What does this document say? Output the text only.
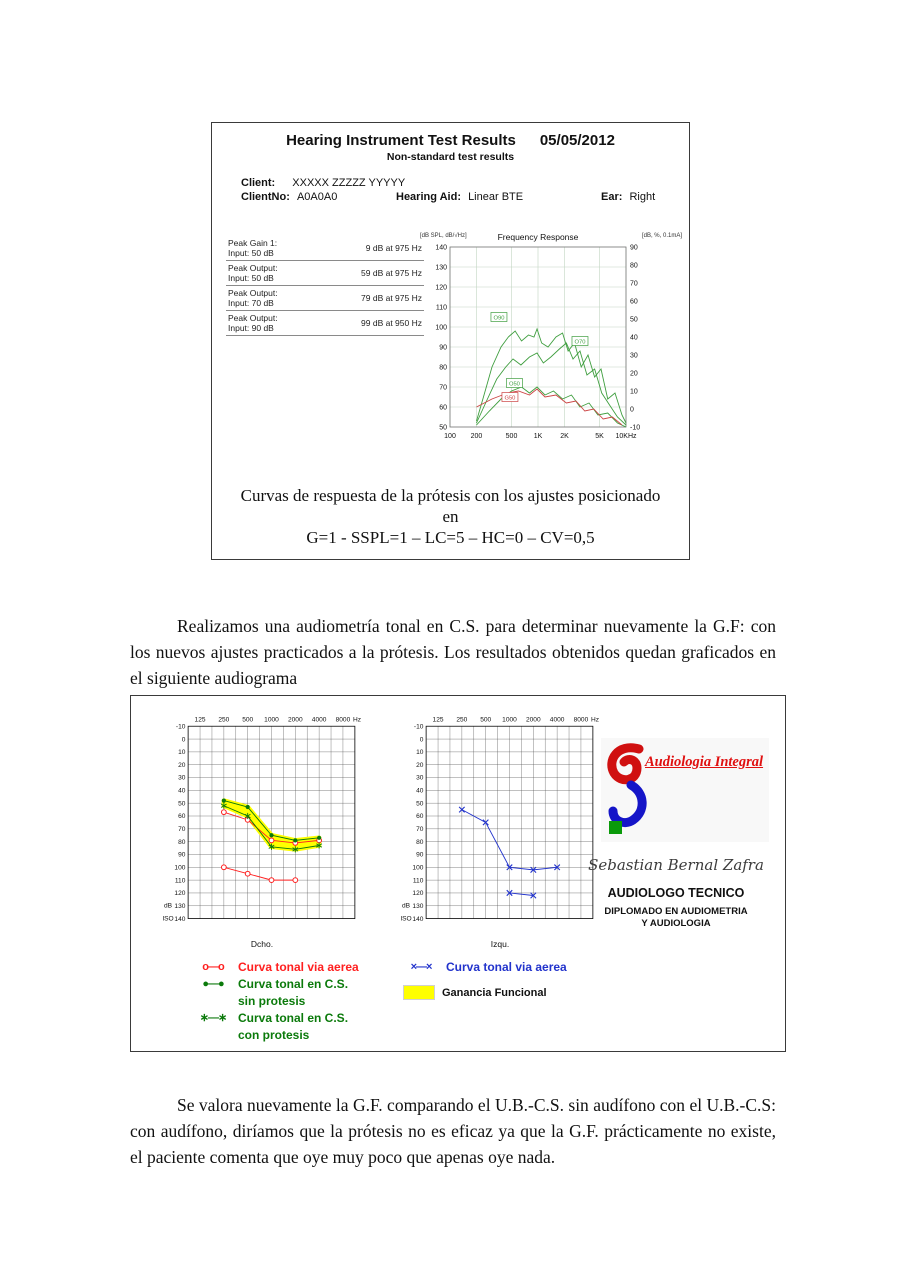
Hearing Instrument Test Results 05/05/2012
Non-standard test results
Client: XXXXX ZZZZZ YYYYY
ClientNo: A0A0A0	Hearing Aid: Linear BTE	Ear: Right
Peak Gain 1:
Input: 50 dB	9 dB at 975 Hz
Peak Output:
Input: 50 dB	59 dB at 975 Hz
Peak Output:
Input: 70 dB	79 dB at 975 Hz
Peak Output:
Input: 90 dB	99 dB at 950 Hz
50
60
70
80
90
100
110
120
130
140
-10
0
10
20
30
40
50
60
70
80
90
100 200	500 1K	2K	5K 10KHz
Frequency Response
[dB SPL, dB/√Hz]	[dB, %, 0.1mA]
O90
O70
O50
G50
Curvas de respuesta de la prótesis con los ajustes posicionado
en
G=1 - SSPL=1 – LC=5 – HC=0 – CV=0,5

Realizamos una audiometría tonal en C.S. para determinar nuevamente la G.F: con los nuevos ajustes practicados a la prótesis. Los resultados obtenidos quedan graficados en el siguiente audiograma

125 250 500 1000 2000 4000 8000 Hz
-10
0
10
20
30
40
50
60
70
80
90
100
110
120
130
140
dB
ISO
125 250 500 1000 2000 4000 8000 Hz
-10
0
10
20
30
40
50
60
70
80
90
100
110
120
130
140
dB
ISO
Dcho.	Izqu.
Audiologia Integral
Sebastian Bernal Zafra
AUDIOLOGO TECNICO
DIPLOMADO EN AUDIOMETRIA
Y AUDIOLOGIA
o—o	Curva tonal via aerea
●—●	Curva tonal en C.S.
sin protesis
∗—∗ Curva tonal en C.S.
con protesis
×—×	Curva tonal via aerea
Ganancia Funcional

Se valora nuevamente la G.F. comparando el U.B.-C.S. sin audífono con el U.B.-C.S: con audífono, diríamos que la prótesis no es eficaz ya que la G.F. prácticamente no existe, el paciente comenta que oye muy poco que apenas oye nada.
